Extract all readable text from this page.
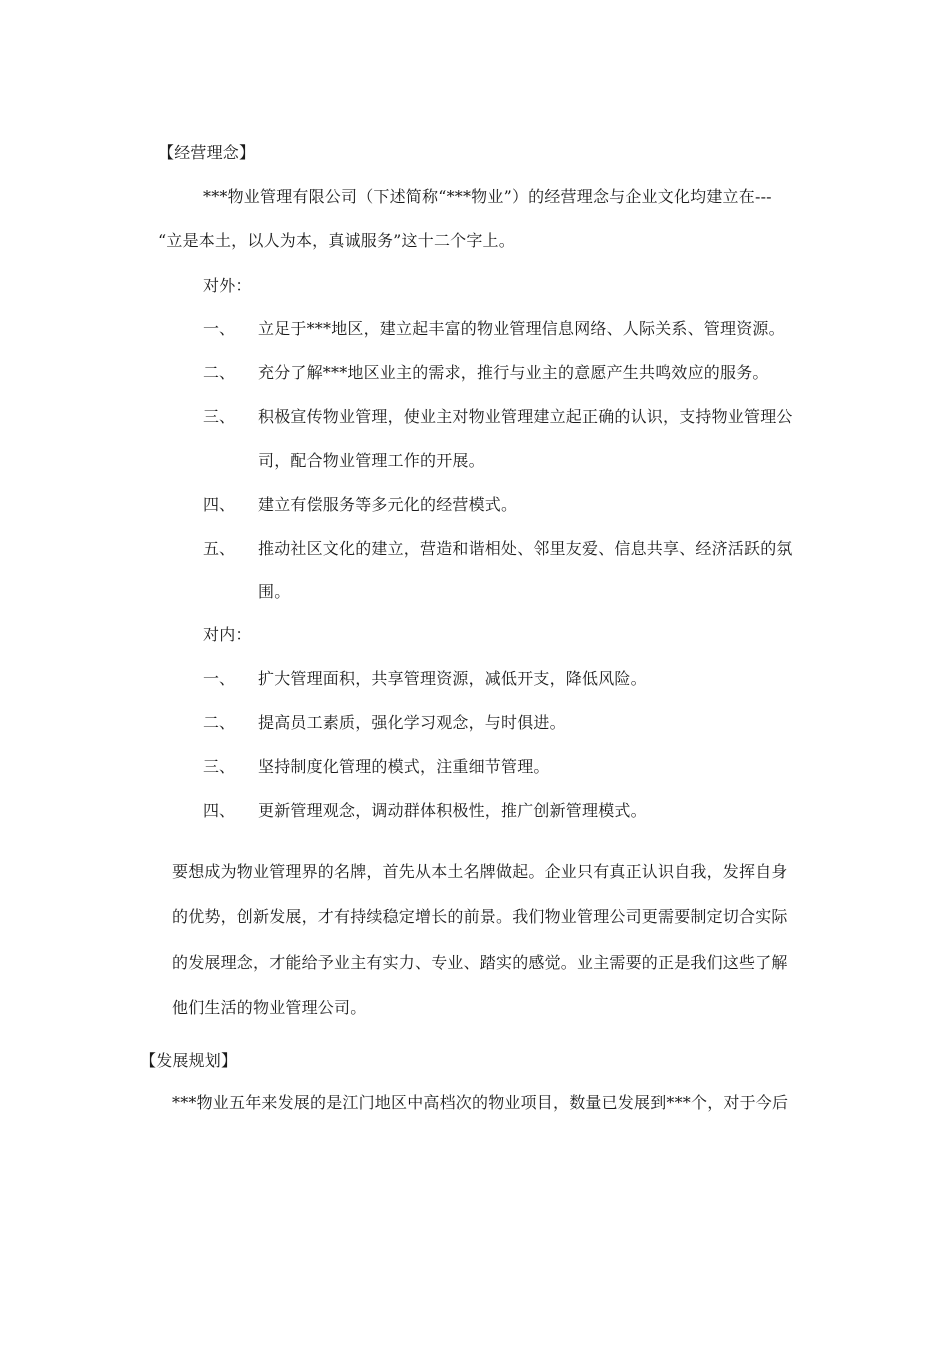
【经营理念】
***物业管理有限公司（下述简称“***物业”）的经营理念与企业文化均建立在---
“立是本土，以人为本，真诚服务”这十二个字上。
对外：
一、 立足于***地区，建立起丰富的物业管理信息网络、人际关系、管理资源。
二、 充分了解***地区业主的需求，推行与业主的意愿产生共鸣效应的服务。
三、 积极宣传物业管理，使业主对物业管理建立起正确的认识，支持物业管理公
司，配合物业管理工作的开展。
四、 建立有偿服务等多元化的经营模式。
五、 推动社区文化的建立，营造和谐相处、邻里友爱、信息共享、经济活跃的氛
围。
对内：
一、 扩大管理面积，共享管理资源，减低开支，降低风险。
二、 提高员工素质，强化学习观念，与时俱进。
三、 坚持制度化管理的模式，注重细节管理。
四、 更新管理观念，调动群体积极性，推广创新管理模式。
要想成为物业管理界的名牌，首先从本土名牌做起。企业只有真正认识自我，发挥自身
的优势，创新发展，才有持续稳定增长的前景。我们物业管理公司更需要制定切合实际
的发展理念，才能给予业主有实力、专业、踏实的感觉。业主需要的正是我们这些了解
他们生活的物业管理公司。
【发展规划】
***物业五年来发展的是江门地区中高档次的物业项目，数量已发展到***个，对于今后
